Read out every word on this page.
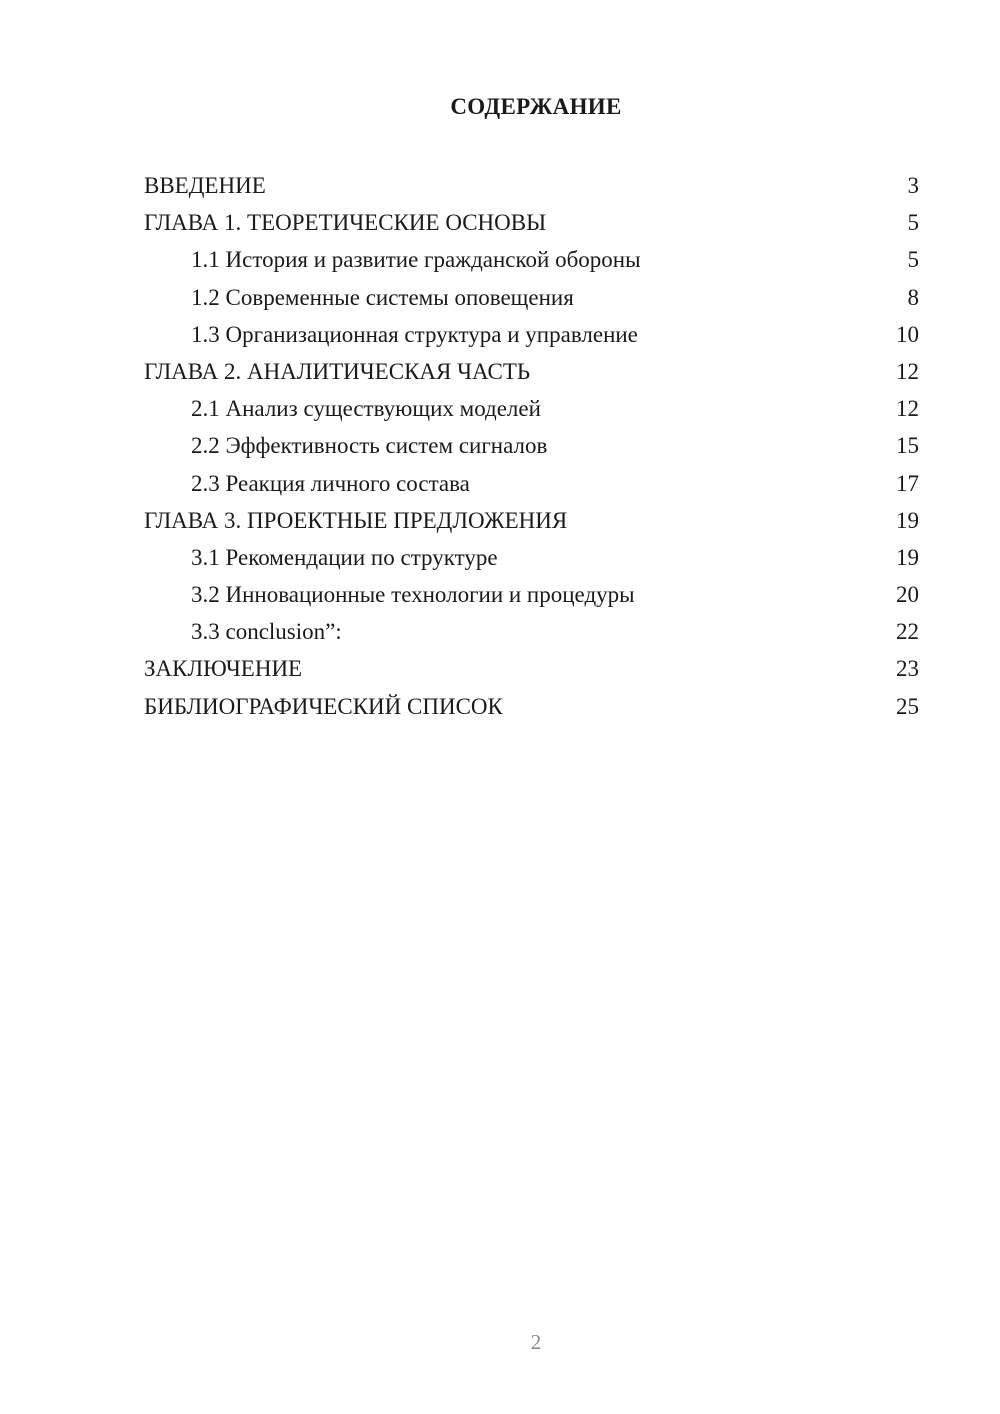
СОДЕРЖАНИЕ
ВВЕДЕНИЕ	3
ГЛАВА 1. ТЕОРЕТИЧЕСКИЕ ОСНОВЫ	5
1.1 История и развитие гражданской обороны	5
1.2 Современные системы оповещения	8
1.3 Организационная структура и управление	10
ГЛАВА 2. АНАЛИТИЧЕСКАЯ ЧАСТЬ	12
2.1 Анализ существующих моделей	12
2.2 Эффективность систем сигналов	15
2.3 Реакция личного состава	17
ГЛАВА 3. ПРОЕКТНЫЕ ПРЕДЛОЖЕНИЯ	19
3.1 Рекомендации по структуре	19
3.2 Инновационные технологии и процедуры	20
3.3 conclusion”:	22
ЗАКЛЮЧЕНИЕ	23
БИБЛИОГРАФИЧЕСКИЙ СПИСОК	25
2
